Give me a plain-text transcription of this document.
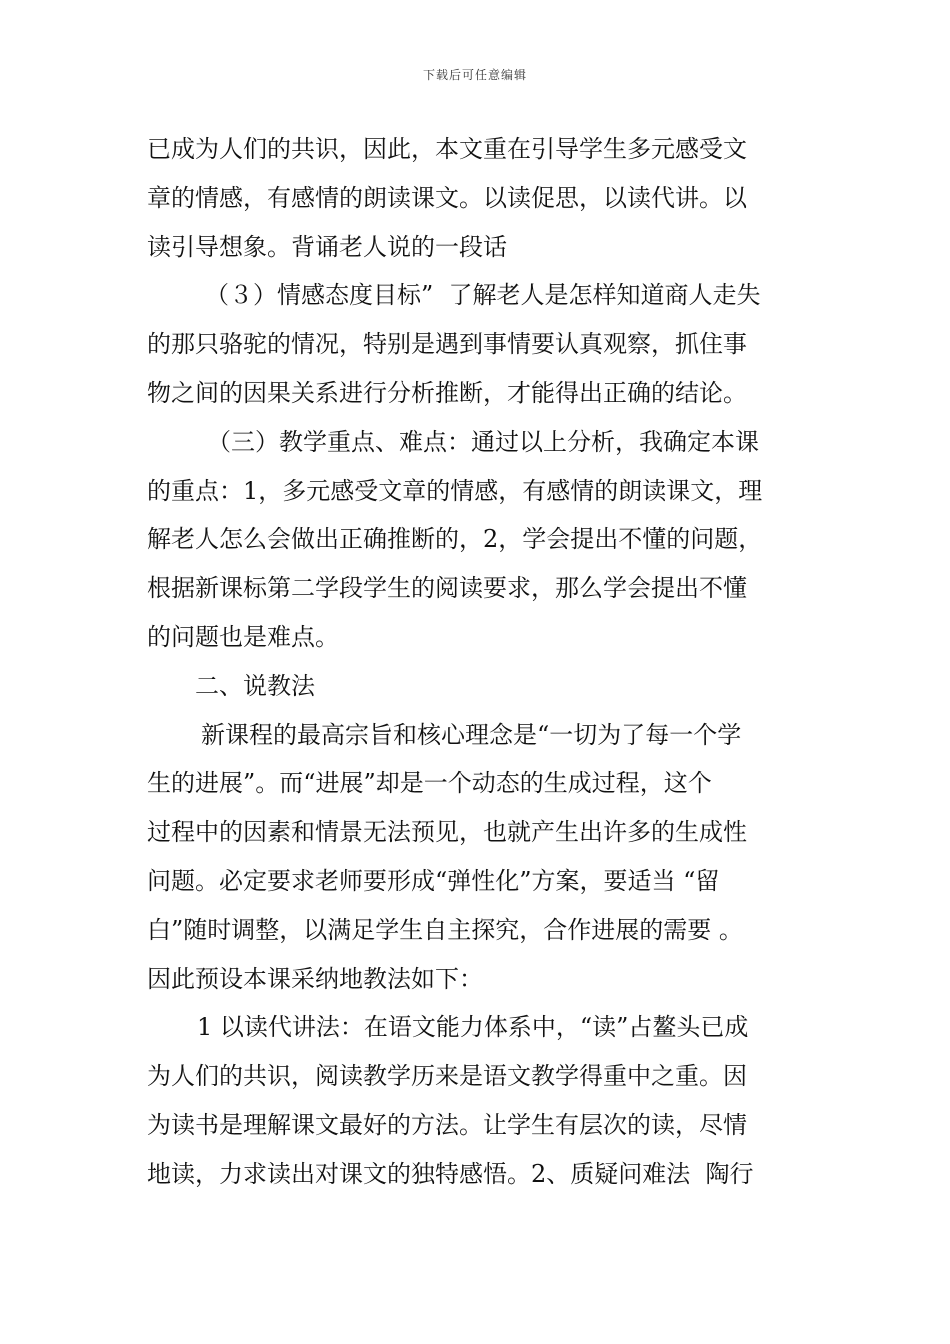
下载后可任意编辑
已成为人们的共识，因此，本文重在引导学生多元感受文
章的情感，有感情的朗读课文。以读促思，以读代讲。以
读引导想象。背诵老人说的一段话
（３）情感态度目标”  了解老人是怎样知道商人走失
的那只骆驼的情况，特别是遇到事情要认真观察，抓住事
物之间的因果关系进行分析推断，才能得出正确的结论。
（三）教学重点、难点：通过以上分析，我确定本课
的重点：1，多元感受文章的情感，有感情的朗读课文，理
解老人怎么会做出正确推断的，2，学会提出不懂的问题，
根据新课标第二学段学生的阅读要求，那么学会提出不懂
的问题也是难点。
二、说教法
新课程的最高宗旨和核心理念是“一切为了每一个学
生的进展”。而“进展”却是一个动态的生成过程，这个
过程中的因素和情景无法预见，也就产生出许多的生成性
问题。必定要求老师要形成“弹性化”方案，要适当 “留
白”随时调整，以满足学生自主探究，合作进展的需要 。
因此预设本课采纳地教法如下：
1 以读代讲法：在语文能力体系中，“读”占鳌头已成
为人们的共识，阅读教学历来是语文教学得重中之重。因
为读书是理解课文最好的方法。让学生有层次的读，尽情
地读，力求读出对课文的独特感悟。2、质疑问难法  陶行
